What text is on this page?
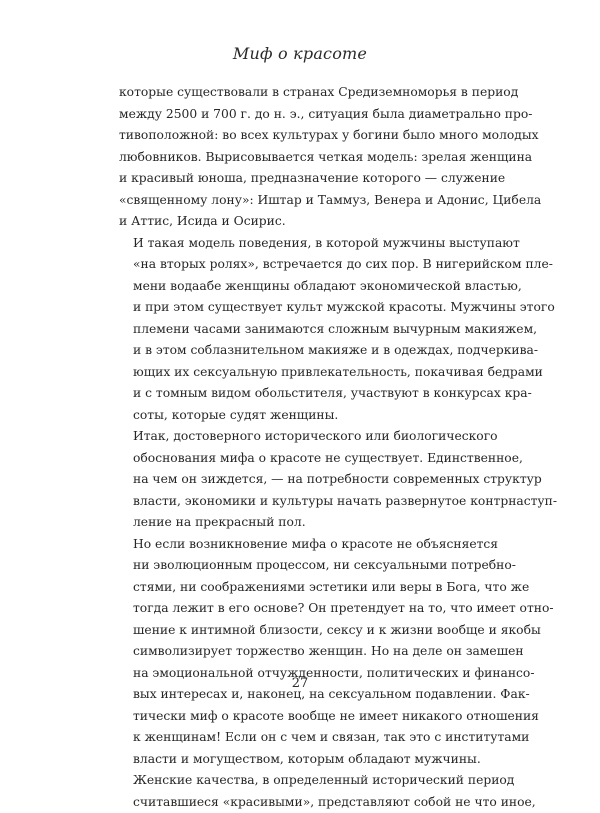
Миф о красоте

которые существовали в странах Средиземноморья в период
между 2500 и 700 г. до н. э., ситуация была диаметрально про-
тивоположной: во всех культурах у богини было много молодых
любовников. Вырисовывается четкая модель: зрелая женщина
и красивый юноша, предназначение которого — служение
«священному лону»: Иштар и Таммуз, Венера и Адонис, Цибела
и Аттис, Исида и Осирис.

И такая модель поведения, в которой мужчины выступают
«на вторых ролях», встречается до сих пор. В нигерийском пле-
мени водаабе женщины обладают экономической властью,
и при этом существует культ мужской красоты. Мужчины этого
племени часами занимаются сложным вычурным макияжем,
и в этом соблазнительном макияже и в одеждах, подчеркива-
ющих их сексуальную привлекательность, покачивая бедрами
и с томным видом обольстителя, участвуют в конкурсах кра-
соты, которые судят женщины.

Итак, достоверного исторического или биологического
обоснования мифа о красоте не существует. Единственное,
на чем он зиждется, — на потребности современных структур
власти, экономики и культуры начать развернутое контрнаступ-
ление на прекрасный пол.

Но если возникновение мифа о красоте не объясняется
ни эволюционным процессом, ни сексуальными потребно-
стями, ни соображениями эстетики или веры в Бога, что же
тогда лежит в его основе? Он претендует на то, что имеет отно-
шение к интимной близости, сексу и к жизни вообще и якобы
символизирует торжество женщин. Но на деле он замешен
на эмоциональной отчужденности, политических и финансо-
вых интересах и, наконец, на сексуальном подавлении. Фак-
тически миф о красоте вообще не имеет никакого отношения
к женщинам! Если он с чем и связан, так это с институтами
власти и могуществом, которым обладают мужчины.

Женские качества, в определенный исторический период
считавшиеся «красивыми», представляют собой не что иное,

27
